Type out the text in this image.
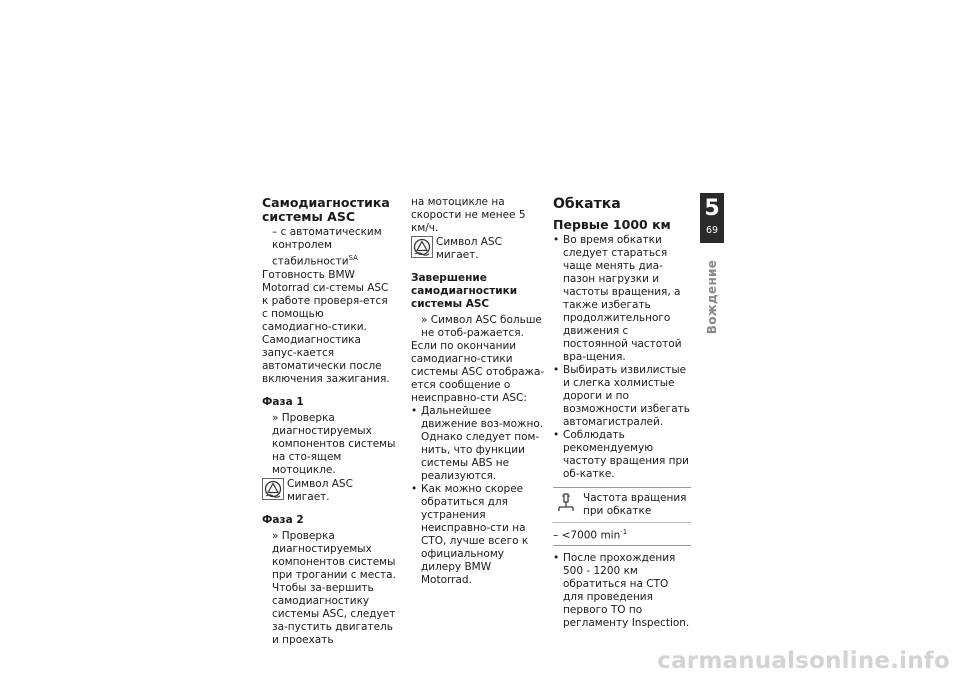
Самодиагностика системы ASC

– с автоматическим контролем стабильности$^{SA}$

Готовность BMW Motorrad си-стемы ASC к работе проверя-ется с помощью самодиагно-стики. Самодиагностика запус-кается автоматически после включения зажигания.

Фаза 1

» Проверка диагностируемых компонентов системы на сто-ящем мотоцикле.

Символ ASC мигает.
Фаза 2

» Проверка диагностируемых компонентов системы при трогании с места. Чтобы за-вершить самодиагностику системы ASC, следует за-пустить двигатель и проехать

на мотоцикле на скорости не менее 5 км/ч.

Символ ASC мигает.
Завершение самодиагностики системы ASC

» Символ ASC больше не отоб-ражается.

Если по окончании самодиагно-стики системы ASC отобража-ется сообщение о неисправно-сти ASC:

• Дальнейшее движение воз-можно. Однако следует пом-нить, что функции системы ABS не реализуются.

• Как можно скорее обратиться для устранения неисправно-сти на СТО, лучше всего к официальному дилеру BMW Motorrad.

Обкатка
Первые 1000 км

• Во время обкатки следует стараться чаще менять диа-пазон нагрузки и частоты вращения, а также избегать продолжительного движения с постоянной частотой вра-щения.

• Выбирать извилистые и слегка холмистые дороги и по возможности избегать автомагистралей.

• Соблюдать рекомендуемую частоту вращения при об-катке.

Частота вращения при обкатке

– <7000 $\min^{-1}$

• После прохождения 500 - 1200 км обратиться на СТО для проведения первого ТО по регламенту Inspection.

5
69
Вождение
carmanualsonline.info
